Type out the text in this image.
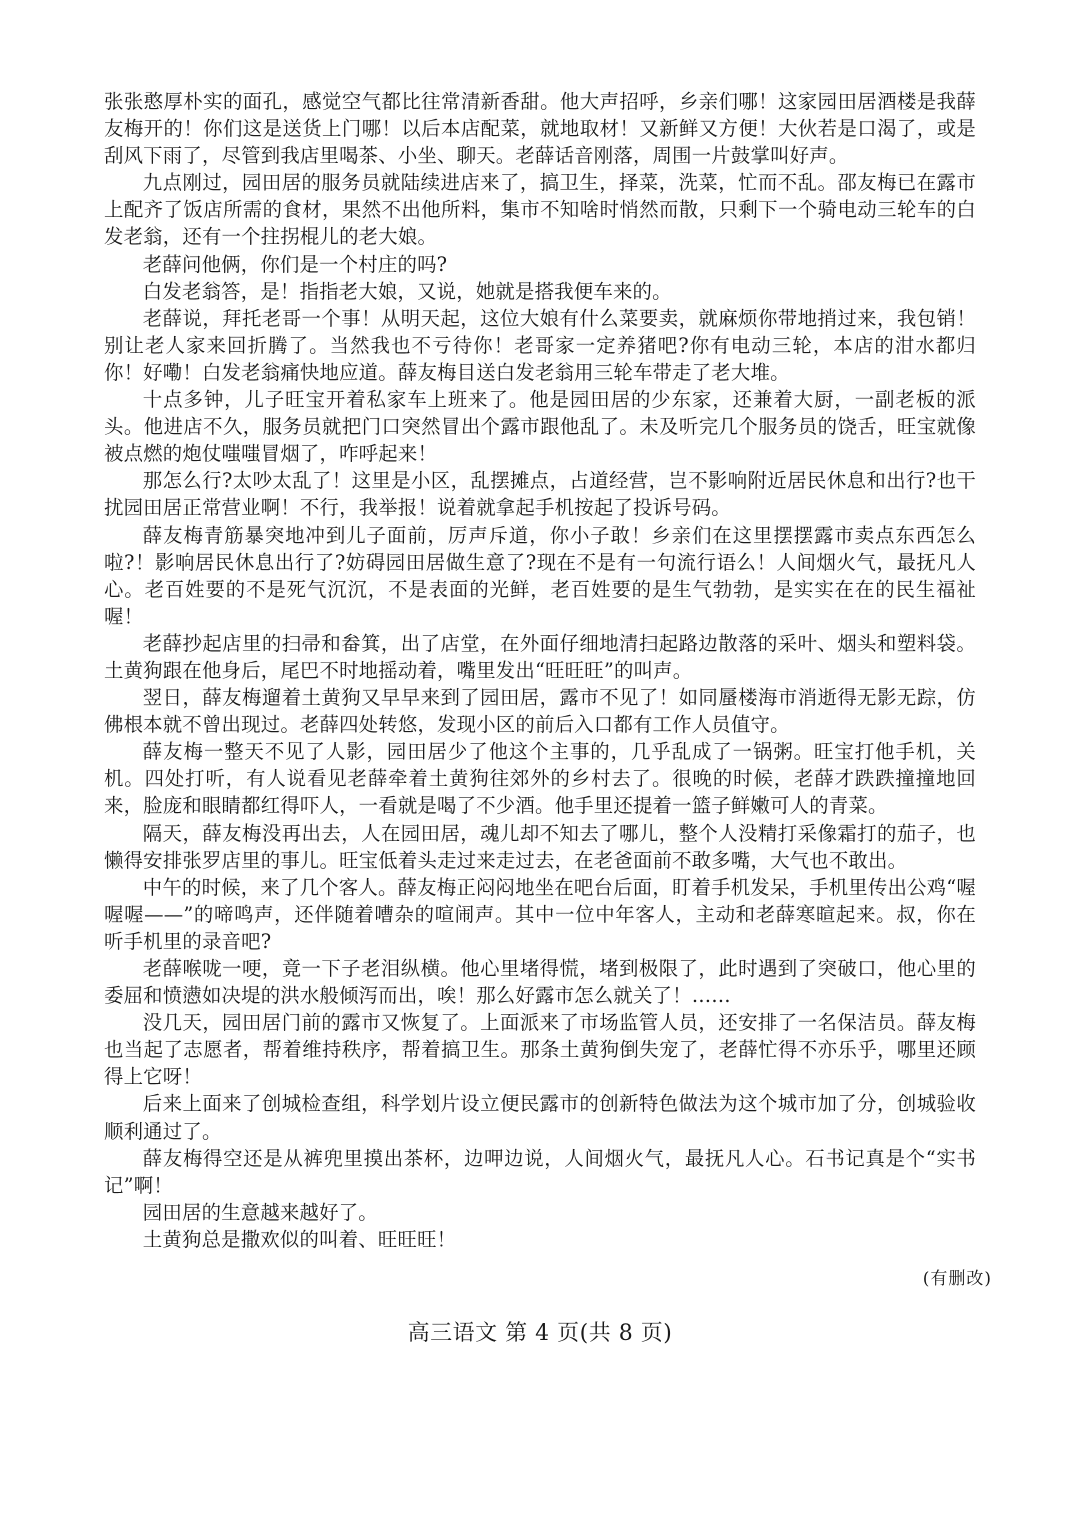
张张憨厚朴实的面孔，感觉空气都比往常清新香甜。他大声招呼，乡亲们哪！这家园田居酒楼是我薛友梅开的！你们这是送货上门哪！以后本店配菜，就地取材！又新鲜又方便！大伙若是口渴了，或是刮风下雨了，尽管到我店里喝茶、小坐、聊天。老薛话音刚落，周围一片鼓掌叫好声。

九点刚过，园田居的服务员就陆续进店来了，搞卫生，择菜，洗菜，忙而不乱。邵友梅已在露市上配齐了饭店所需的食材，果然不出他所料，集市不知啥时悄然而散，只剩下一个骑电动三轮车的白发老翁，还有一个拄拐棍儿的老大娘。

老薛问他俩，你们是一个村庄的吗?

白发老翁答，是！指指老大娘，又说，她就是搭我便车来的。

老薛说，拜托老哥一个事！从明天起，这位大娘有什么菜要卖，就麻烦你带地捎过来，我包销！别让老人家来回折腾了。当然我也不亏待你！老哥家一定养猪吧?你有电动三轮，本店的泔水都归你！好嘞！白发老翁痛快地应道。薛友梅目送白发老翁用三轮车带走了老大堆。

十点多钟，儿子旺宝开着私家车上班来了。他是园田居的少东家，还兼着大厨，一副老板的派头。他进店不久，服务员就把门口突然冒出个露市跟他乱了。未及听完几个服务员的饶舌，旺宝就像被点燃的炮仗嗤嗤冒烟了，咋呼起来！

那怎么行?太吵太乱了！这里是小区，乱摆摊点，占道经营，岂不影响附近居民休息和出行?也干扰园田居正常营业啊！不行，我举报！说着就拿起手机按起了投诉号码。

薛友梅青筋暴突地冲到儿子面前，厉声斥道，你小子敢！乡亲们在这里摆摆露市卖点东西怎么啦?！影响居民休息出行了?妨碍园田居做生意了?现在不是有一句流行语么！人间烟火气，最抚凡人心。老百姓要的不是死气沉沉，不是表面的光鲜，老百姓要的是生气勃勃，是实实在在的民生福祉喔！

老薛抄起店里的扫帚和畚箕，出了店堂，在外面仔细地清扫起路边散落的采叶、烟头和塑料袋。土黄狗跟在他身后，尾巴不时地摇动着，嘴里发出“旺旺旺”的叫声。

翌日，薛友梅遛着土黄狗又早早来到了园田居，露市不见了！如同蜃楼海市消逝得无影无踪，仿佛根本就不曾出现过。老薛四处转悠，发现小区的前后入口都有工作人员值守。

薛友梅一整天不见了人影，园田居少了他这个主事的，几乎乱成了一锅粥。旺宝打他手机，关机。四处打听，有人说看见老薛牵着土黄狗往郊外的乡村去了。很晚的时候，老薛才跌跌撞撞地回来，脸庞和眼睛都红得吓人，一看就是喝了不少酒。他手里还提着一篮子鲜嫩可人的青菜。

隔天，薛友梅没再出去，人在园田居，魂儿却不知去了哪儿，整个人没精打采像霜打的茄子，也懒得安排张罗店里的事儿。旺宝低着头走过来走过去，在老爸面前不敢多嘴，大气也不敢出。

中午的时候，来了几个客人。薛友梅正闷闷地坐在吧台后面，盯着手机发呆，手机里传出公鸡“喔喔喔——”的啼鸣声，还伴随着嘈杂的喧闹声。其中一位中年客人，主动和老薛寒暄起来。叔，你在听手机里的录音吧?

老薛喉咙一哽，竟一下子老泪纵横。他心里堵得慌，堵到极限了，此时遇到了突破口，他心里的委屈和愤懑如决堤的洪水般倾泻而出，唉！那么好露市怎么就关了！……

没几天，园田居门前的露市又恢复了。上面派来了市场监管人员，还安排了一名保洁员。薛友梅也当起了志愿者，帮着维持秩序，帮着搞卫生。那条土黄狗倒失宠了，老薛忙得不亦乐乎，哪里还顾得上它呀！

后来上面来了创城检查组，科学划片设立便民露市的创新特色做法为这个城市加了分，创城验收顺利通过了。

薛友梅得空还是从裤兜里摸出茶杯，边呷边说，人间烟火气，最抚凡人心。石书记真是个“实书记”啊！

园田居的生意越来越好了。

土黄狗总是撒欢似的叫着、旺旺旺！

(有删改)
高三语文 第 4 页(共 8 页)
